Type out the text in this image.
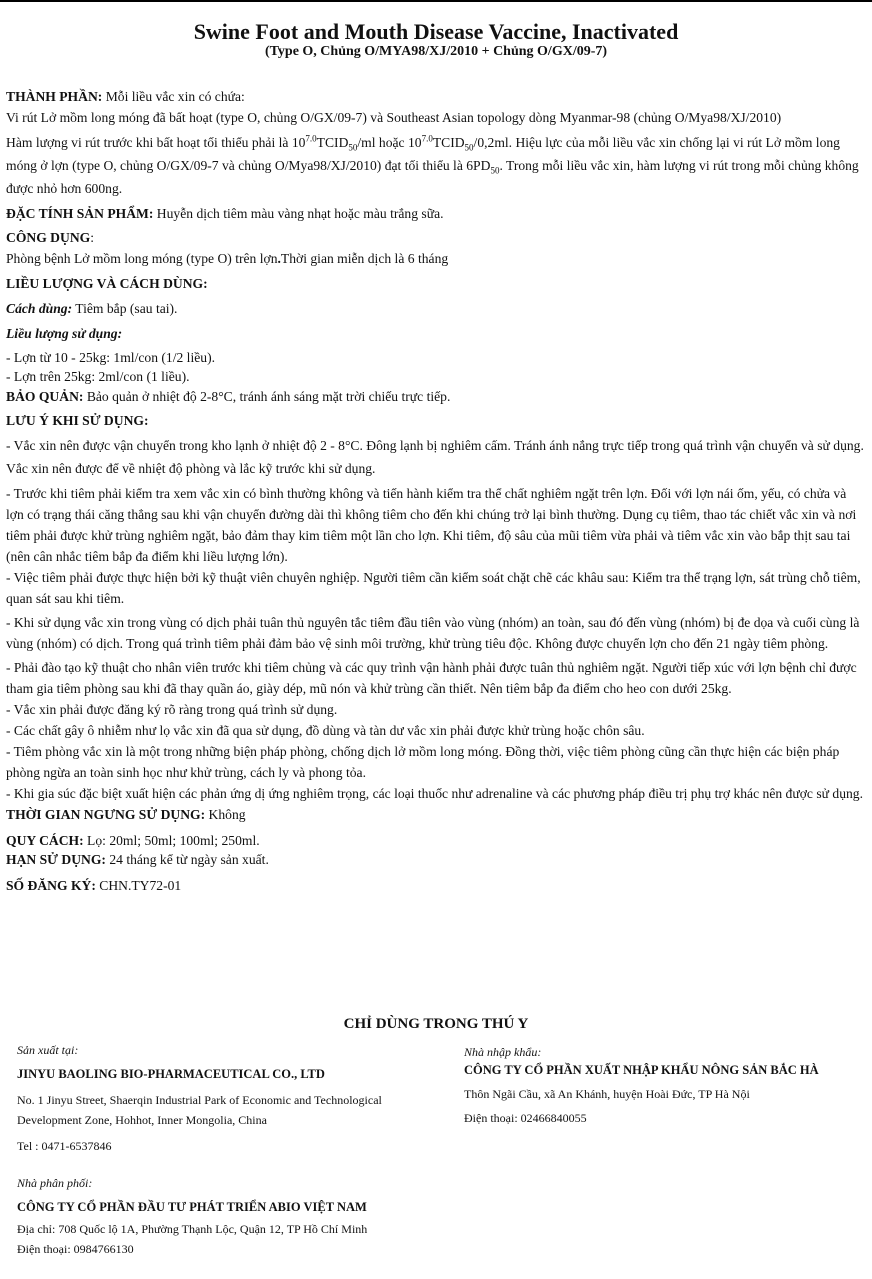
Swine Foot and Mouth Disease Vaccine, Inactivated
(Type O, Chủng O/MYA98/XJ/2010 + Chủng O/GX/09-7)

THÀNH PHẦN: Mỗi liều vắc xin có chứa:

Vi rút Lở mồm long móng đã bất hoạt (type O, chủng O/GX/09-7) và Southeast Asian topology dòng Myanmar-98 (chủng O/Mya98/XJ/2010)

Hàm lượng vi rút trước khi bất hoạt tối thiểu phải là $10^{7.0}TCID_{50}/ml$ hoặc $10^{7.0}TCID_{50}/0,2ml$. Hiệu lực của mỗi liều vắc xin chống lại vi rút Lở mồm long móng ở lợn (type O, chủng O/GX/09-7 và chủng O/Mya98/XJ/2010) đạt tối thiểu là $6PD_{50}$. Trong mỗi liều vắc xin, hàm lượng vi rút trong mỗi chủng không được nhỏ hơn 600ng.

ĐẶC TÍNH SẢN PHẨM: Huyễn dịch tiêm màu vàng nhạt hoặc màu trắng sữa.

CÔNG DỤNG:

Phòng bệnh Lở mồm long móng (type O) trên lợn.Thời gian miễn dịch là 6 tháng

LIỀU LƯỢNG VÀ CÁCH DÙNG:

Cách dùng: Tiêm bắp (sau tai).

Liều lượng sử dụng:

- Lợn từ 10 - 25kg: 1ml/con (1/2 liều).

- Lợn trên 25kg: 2ml/con (1 liều).

BẢO QUẢN: Bảo quản ở nhiệt độ 2-8°C, tránh ánh sáng mặt trời chiếu trực tiếp.

LƯU Ý KHI SỬ DỤNG:

- Vắc xin nên được vận chuyển trong kho lạnh ở nhiệt độ 2 - 8°C. Đông lạnh bị nghiêm cấm. Tránh ánh nắng trực tiếp trong quá trình vận chuyển và sử dụng. Vắc xin nên được để về nhiệt độ phòng và lắc kỹ trước khi sử dụng.

- Trước khi tiêm phải kiểm tra xem vắc xin có bình thường không và tiến hành kiểm tra thể chất nghiêm ngặt trên lợn. Đối với lợn nái ốm, yếu, có chửa và lợn có trạng thái căng thẳng sau khi vận chuyển đường dài thì không tiêm cho đến khi chúng trở lại bình thường. Dụng cụ tiêm, thao tác chiết vắc xin và nơi tiêm phải được khử trùng nghiêm ngặt, bảo đảm thay kim tiêm một lần cho lợn. Khi tiêm, độ sâu của mũi tiêm vừa phải và tiêm vắc xin vào bắp thịt sau tai (nên cân nhắc tiêm bắp đa điểm khi liều lượng lớn).

- Việc tiêm phải được thực hiện bởi kỹ thuật viên chuyên nghiệp. Người tiêm cần kiểm soát chặt chẽ các khâu sau: Kiểm tra thể trạng lợn, sát trùng chỗ tiêm, quan sát sau khi tiêm.

- Khi sử dụng vắc xin trong vùng có dịch phải tuân thủ nguyên tắc tiêm đầu tiên vào vùng (nhóm) an toàn, sau đó đến vùng (nhóm) bị đe dọa và cuối cùng là vùng (nhóm) có dịch. Trong quá trình tiêm phải đảm bảo vệ sinh môi trường, khử trùng tiêu độc. Không được chuyển lợn cho đến 21 ngày tiêm phòng.

- Phải đào tạo kỹ thuật cho nhân viên trước khi tiêm chủng và các quy trình vận hành phải được tuân thủ nghiêm ngặt. Người tiếp xúc với lợn bệnh chỉ được tham gia tiêm phòng sau khi đã thay quần áo, giày dép, mũ nón và khử trùng cần thiết. Nên tiêm bắp đa điểm cho heo con dưới 25kg.

- Vắc xin phải được đăng ký rõ ràng trong quá trình sử dụng.

- Các chất gây ô nhiễm như lọ vắc xin đã qua sử dụng, đồ dùng và tàn dư vắc xin phải được khử trùng hoặc chôn sâu.

- Tiêm phòng vắc xin là một trong những biện pháp phòng, chống dịch lở mồm long móng. Đồng thời, việc tiêm phòng cũng cần thực hiện các biện pháp phòng ngừa an toàn sinh học như khử trùng, cách ly và phong tỏa.

- Khi gia súc đặc biệt xuất hiện các phản ứng dị ứng nghiêm trọng, các loại thuốc như adrenaline và các phương pháp điều trị phụ trợ khác nên được sử dụng.

THỜI GIAN NGƯNG SỬ DỤNG: Không

QUY CÁCH: Lọ: 20ml; 50ml; 100ml; 250ml.

HẠN SỬ DỤNG: 24 tháng kể từ ngày sản xuất.

SỐ ĐĂNG KÝ: CHN.TY72-01

CHỈ DÙNG TRONG THÚ Y
Sản xuất tại:
JINYU BAOLING BIO-PHARMACEUTICAL CO., LTD
No. 1 Jinyu Street, Shaerqin Industrial Park of Economic and Technological Development Zone, Hohhot, Inner Mongolia, China
Tel : 0471-6537846
Nhà nhập khẩu:
CÔNG TY CỔ PHẦN XUẤT NHẬP KHẨU NÔNG SẢN BẮC HÀ
Thôn Ngãi Cầu, xã An Khánh, huyện Hoài Đức, TP Hà Nội
Điện thoại: 02466840055
Nhà phân phối:
CÔNG TY CỔ PHẦN ĐẦU TƯ PHÁT TRIỂN ABIO VIỆT NAM
Địa chỉ: 708 Quốc lộ 1A, Phường Thạnh Lộc, Quận 12, TP Hồ Chí Minh
Điện thoại: 0984766130
